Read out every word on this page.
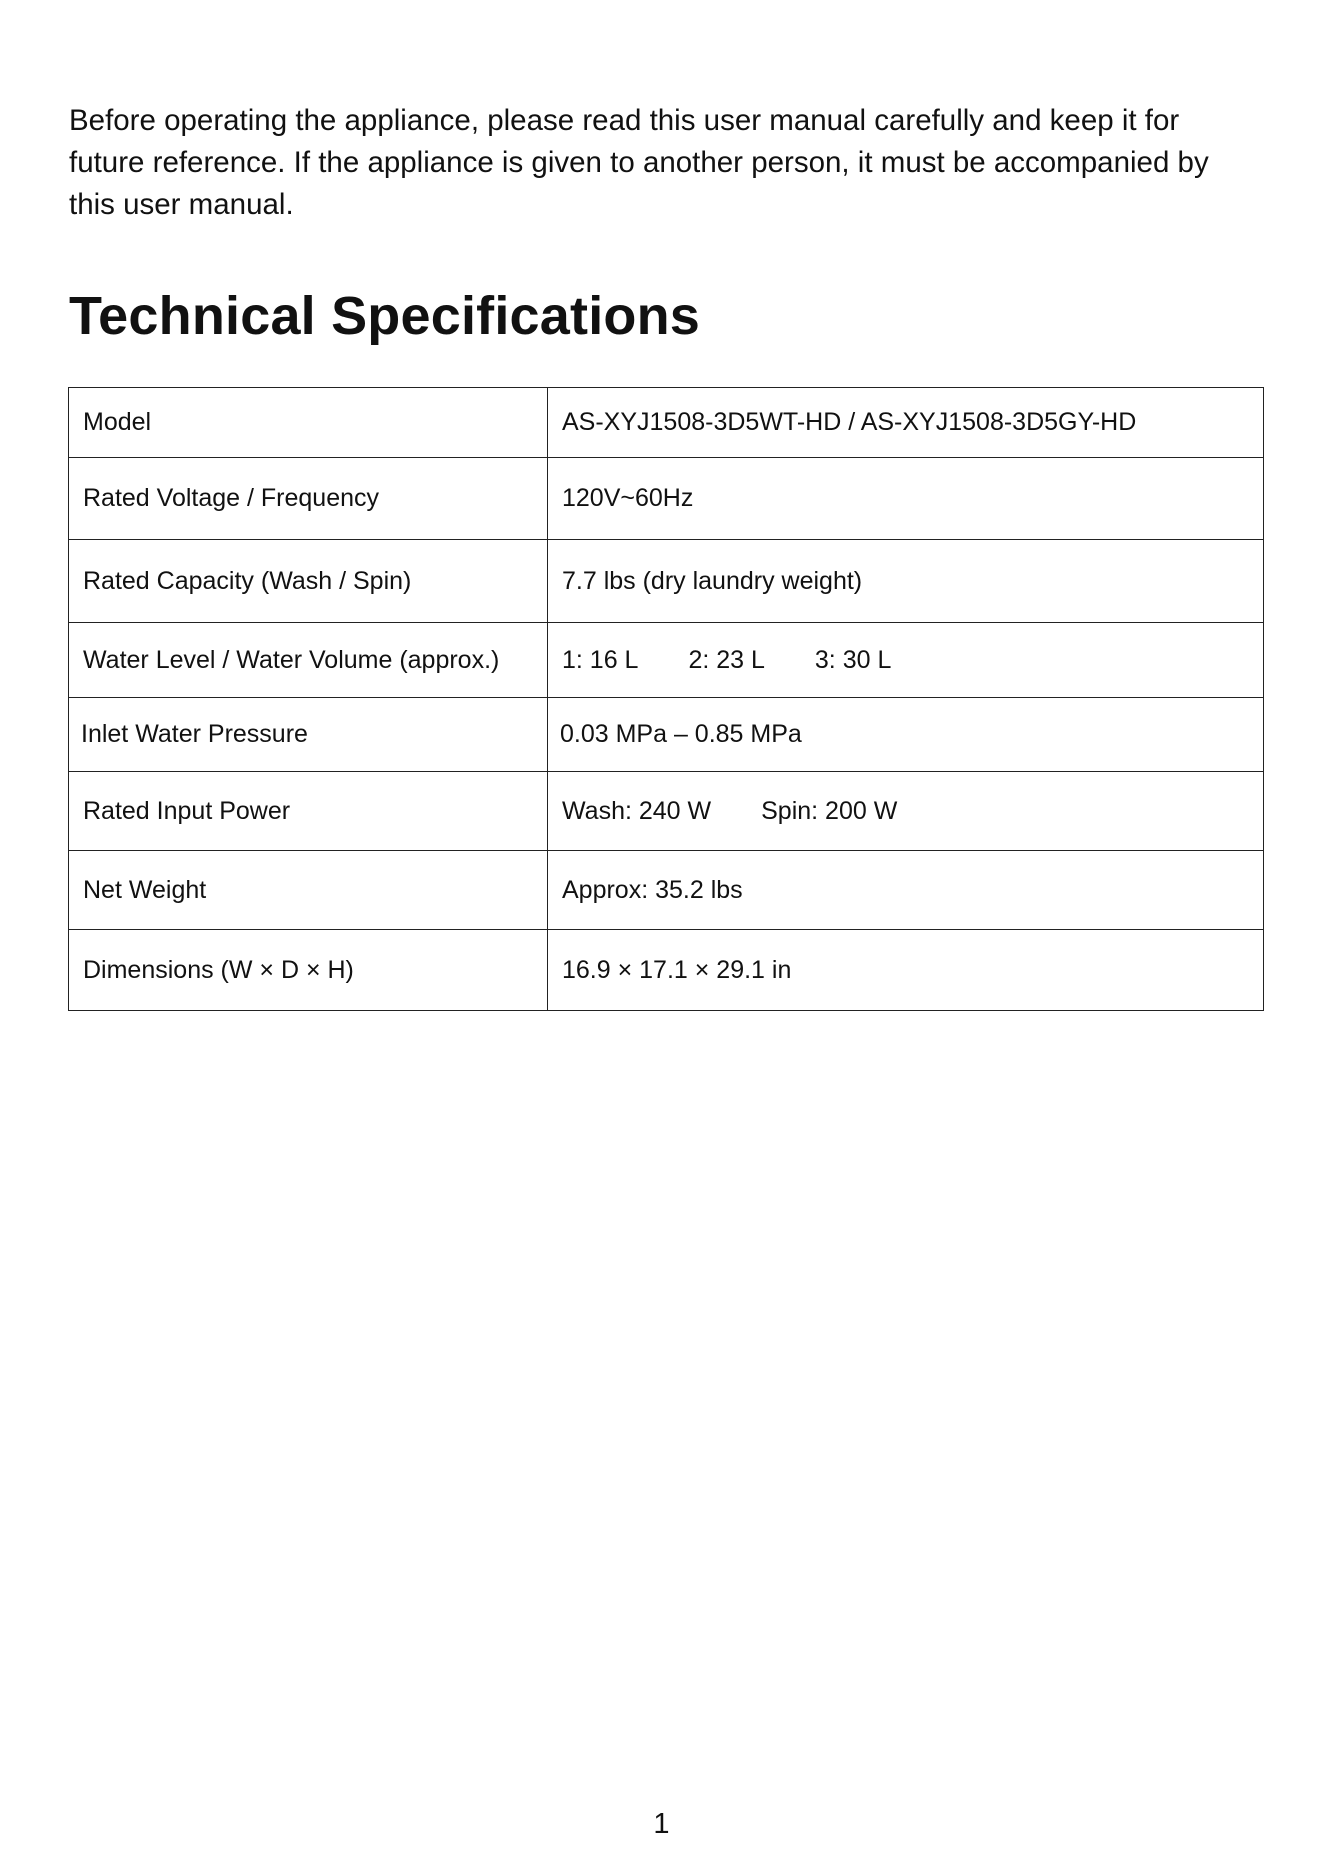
Before operating the appliance, please read this user manual carefully and keep it for future reference. If the appliance is given to another person, it must be accompanied by this user manual.

Technical Specifications
Model	AS-XYJ1508-3D5WT-HD / AS-XYJ1508-3D5GY-HD
Rated Voltage / Frequency	120V~60Hz
Rated Capacity (Wash / Spin)	7.7 lbs (dry laundry weight)
Water Level / Water Volume (approx.)	1: 16 L 2: 23 L 3: 30 L
Inlet Water Pressure	0.03 MPa – 0.85 MPa
Rated Input Power	Wash: 240 W Spin: 200 W
Net Weight	Approx: 35.2 lbs
Dimensions (W × D × H)	16.9 × 17.1 × 29.1 in
1
